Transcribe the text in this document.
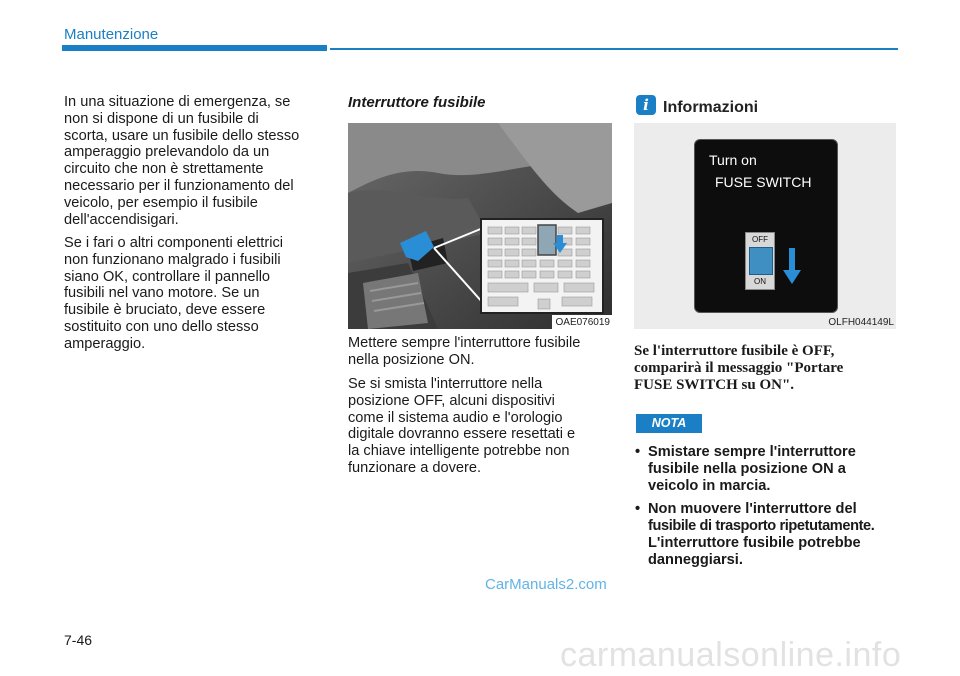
Manutenzione
In una situazione di emergenza, se
non si dispone di un fusibile di
scorta, usare un fusibile dello stesso
amperaggio prelevandolo da un
circuito che non è strettamente
necessario per il funzionamento del
veicolo, per esempio il fusibile
dell'accendisigari.
Se i fari o altri componenti elettrici
non funzionano malgrado i fusibili
siano OK, controllare il pannello
fusibili nel vano motore. Se un
fusibile è bruciato, deve essere
sostituito con uno dello stesso
amperaggio.
Interruttore fusibile
OAE076019
Mettere sempre l'interruttore fusibile
nella posizione ON.
Se si smista l'interruttore nella
posizione OFF, alcuni dispositivi
come il sistema audio e l'orologio
digitale dovranno essere resettati e
la chiave intelligente potrebbe non
funzionare a dovere.
i Informazioni
Turn on
FUSE SWITCH
OFF
ON
OLFH044149L
Se l'interruttore fusibile è OFF,
comparirà il messaggio "Portare
FUSE SWITCH su ON".
NOTA
• Smistare sempre l'interruttore
fusibile nella posizione ON a
veicolo in marcia.
• Non muovere l'interruttore del
fusibile di trasporto ripetutamente.
L'interruttore fusibile potrebbe
danneggiarsi.
CarManuals2.com
7-46	carmanualsonline.info
